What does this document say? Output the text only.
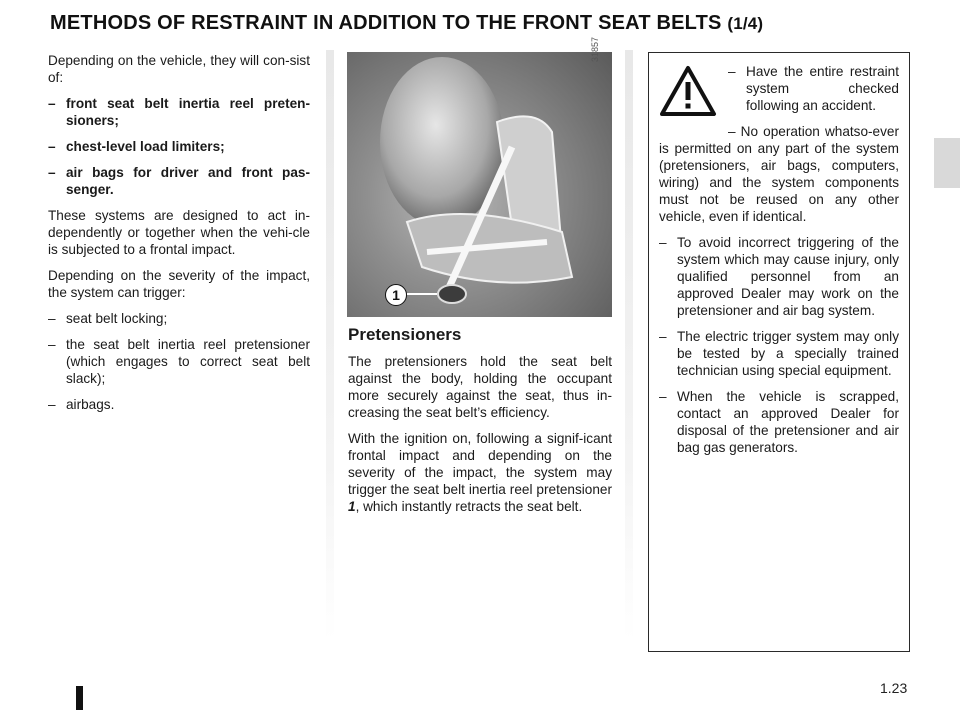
METHODS OF RESTRAINT IN ADDITION TO THE FRONT SEAT BELTS (1/4)

Depending on the vehicle, they will con-sist of:

– front seat belt inertia reel preten-sioners;
– chest-level load limiters;
– air bags for driver and front pas-senger.

These systems are designed to act in-dependently or together when the vehi-cle is subjected to a frontal impact.

Depending on the severity of the impact, the system can trigger:

– seat belt locking;
– the seat belt inertia reel pretensioner (which engages to correct seat belt slack);
– airbags.
1
31857
Pretensioners

The pretensioners hold the seat belt against the body, holding the occupant more securely against the seat, thus in-creasing the seat belt’s efficiency.

With the ignition on, following a signif-icant frontal impact and depending on the severity of the impact, the system may trigger the seat belt inertia reel pretensioner 1, which instantly retracts the seat belt.

– Have the entire restraint system checked following an accident.

– No operation whatso-ever is permitted on any part of the system (pretensioners, air bags, computers, wiring) and the system components must not be reused on any other vehicle, even if identical.

– To avoid incorrect triggering of the system which may cause injury, only qualified personnel from an approved Dealer may work on the pretensioner and air bag system.
– The electric trigger system may only be tested by a specially trained technician using special equipment.
– When the vehicle is scrapped, contact an approved Dealer for disposal of the pretensioner and air bag gas generators.
1.23
